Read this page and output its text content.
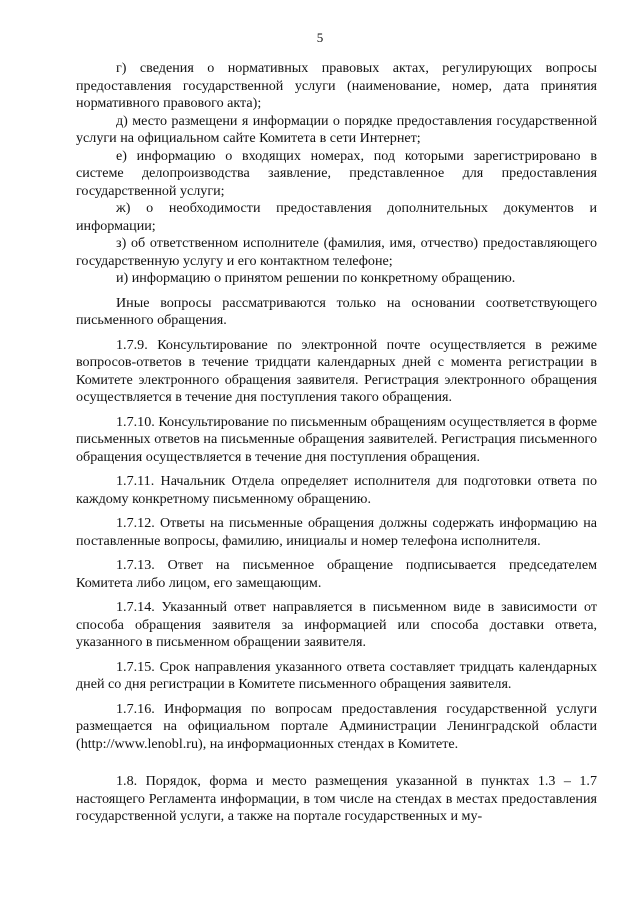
5

г) сведения о нормативных правовых актах, регулирующих вопросы предоставления государственной услуги (наименование, номер, дата принятия нормативного правового акта);

д) место размещени я информации о порядке предоставления государственной услуги на официальном сайте Комитета в сети Интернет;

е) информацию о входящих номерах, под которыми зарегистрировано в системе делопроизводства заявление, представленное для предоставления государственной услуги;

ж) о необходимости предоставления дополнительных документов и информации;

з) об ответственном исполнителе (фамилия, имя, отчество) предоставляющего государственную услугу и его контактном телефоне;

и) информацию о принятом решении по конкретному обращению.

Иные вопросы рассматриваются только на основании соответствующего письменного обращения.

1.7.9. Консультирование по электронной почте осуществляется в режиме вопросов-ответов в течение тридцати календарных дней с момента регистрации в Комитете электронного обращения заявителя. Регистрация электронного обращения осуществляется в течение дня поступления такого обращения.

1.7.10. Консультирование по письменным обращениям осуществляется в форме письменных ответов на письменные обращения заявителей. Регистрация письменного обращения осуществляется в течение дня поступления обращения.

1.7.11. Начальник Отдела определяет исполнителя для подготовки ответа по каждому конкретному письменному обращению.

1.7.12. Ответы на письменные обращения должны содержать информацию на поставленные вопросы, фамилию, инициалы и номер телефона исполнителя.

1.7.13. Ответ на письменное обращение подписывается председателем Комитета либо лицом, его замещающим.

1.7.14. Указанный ответ направляется в письменном виде в зависимости от способа обращения заявителя за информацией или способа доставки ответа, указанного в письменном обращении заявителя.

1.7.15. Срок направления указанного ответа составляет тридцать календарных дней со дня регистрации в Комитете письменного обращения заявителя.

1.7.16. Информация по вопросам предоставления государственной услуги размещается на официальном портале Администрации Ленинградской области (http://www.lenobl.ru), на информационных стендах в Комитете.

1.8. Порядок, форма и место размещения указанной в пунктах 1.3 – 1.7 настоящего Регламента информации, в том числе на стендах в местах предоставления государственной услуги, а также на портале государственных и му-
